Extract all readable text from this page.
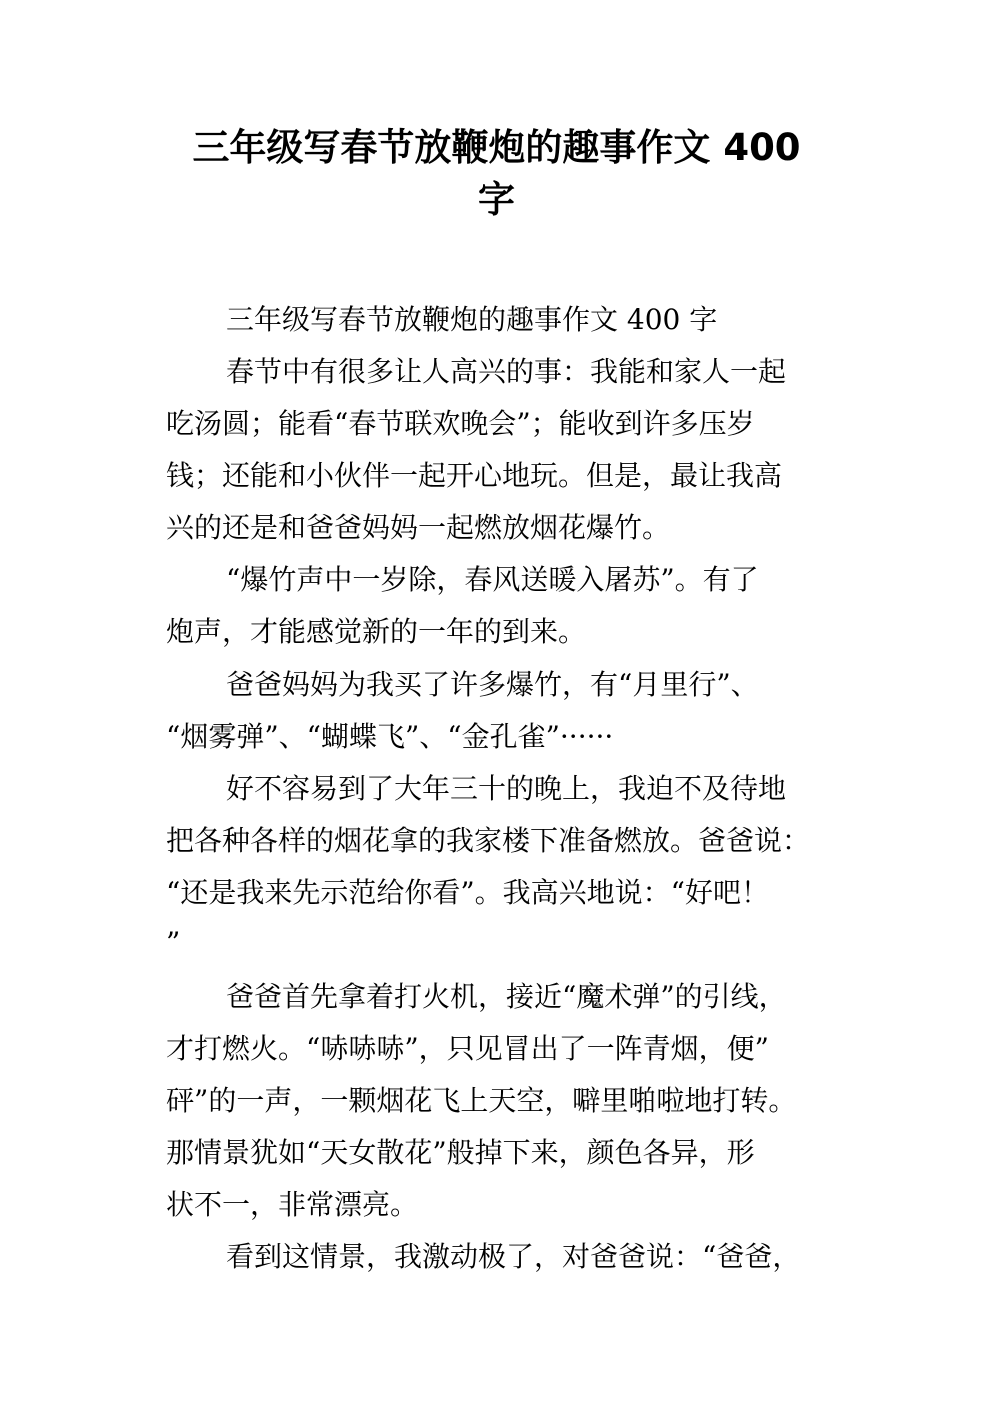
三年级写春节放鞭炮的趣事作文 400
字
三年级写春节放鞭炮的趣事作文 400 字
春节中有很多让人高兴的事：我能和家人一起
吃汤圆；能看“春节联欢晚会”；能收到许多压岁
钱；还能和小伙伴一起开心地玩。但是，最让我高
兴的还是和爸爸妈妈一起燃放烟花爆竹。
“爆竹声中一岁除，春风送暖入屠苏”。有了
炮声，才能感觉新的一年的到来。
爸爸妈妈为我买了许多爆竹，有“月里行”、
“烟雾弹”、“蝴蝶飞”、“金孔雀”······
好不容易到了大年三十的晚上，我迫不及待地
把各种各样的烟花拿的我家楼下准备燃放。爸爸说：
“还是我来先示范给你看”。我高兴地说：“好吧！
”
爸爸首先拿着打火机，接近“魔术弹”的引线，
才打燃火。“哧哧哧”，只见冒出了一阵青烟，便”
砰”的一声，一颗烟花飞上天空，噼里啪啦地打转。
那情景犹如“天女散花”般掉下来，颜色各异，形
状不一，非常漂亮。
看到这情景，我激动极了，对爸爸说：“爸爸，
